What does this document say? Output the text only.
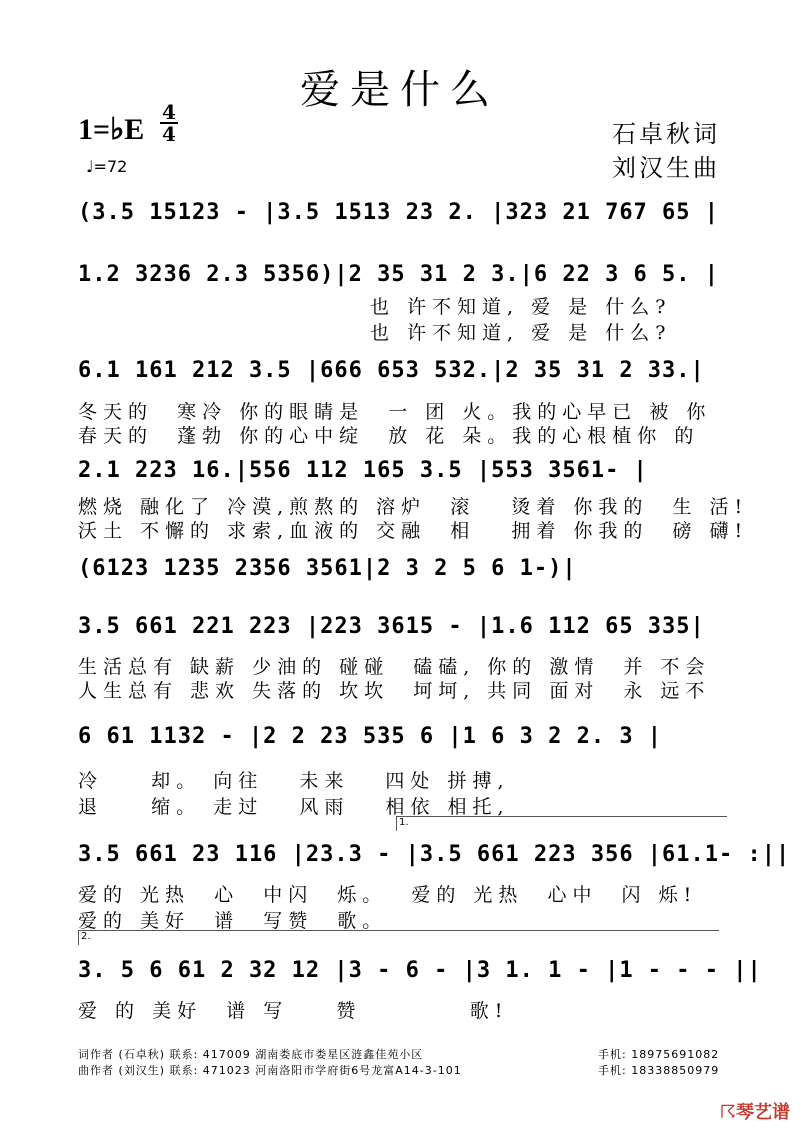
爱是什么
1=♭E $\frac{4}{4}$
♩=72
石卓秋词
刘汉生曲
(3.5 15123 - |3.5 1513 23 2. |323 21 767 65 |
1.2 3236 2.3 5356)|2 35 31 2 3.|6 22 3 6 5. |
也 许不知道, 爱 是 什么?
也 许不知道, 爱 是 什么?
6.1 161 212 3.5 |666 653 532.|2 35 31 2 33.|
冬天的  寒冷 你的眼睛是  一 团 火。我的心早已 被 你
春天的  蓬勃 你的心中绽  放 花 朵。我的心根植你 的
2.1 223 16.|556 112 165 3.5 |553 3561- |
燃烧 融化了 冷漠,煎熬的 溶炉  滚   烫着 你我的  生 活!
沃土 不懈的 求索,血液的 交融  相   拥着 你我的  磅 礴!
(6123 1235 2356 3561|2 3 2 5 6 1-)|
3.5 661 221 223 |223 3615 - |1.6 112 65 335|
生活总有 缺薪 少油的 碰碰  磕磕, 你的 激情  并 不会
人生总有 悲欢 失落的 坎坎  坷坷, 共同 面对  永 远不
6 61 1132 - |2 2 23 535 6 |1 6 3 2 2. 3 |
冷    却。 向往   未来   四处 拼搏,
退    缩。 走过   风雨   相依 相托,
1.
3.5 661 23 116 |23.3 - |3.5 661 223 356 |61.1- :||
爱的 光热  心  中闪  烁。  爱的 光热  心中  闪 烁!
爱的 美好  谱  写赞  歌。
2.
3. 5 6 61 2 32 12 |3 - 6 - |3 1. 1 - |1 - - - ||
爱 的 美好  谱 写    赞         歌!
词作者 (石卓秋) 联系: 417009 湖南娄底市娄星区涟鑫佳苑小区
曲作者 (刘汉生) 联系: 471023 河南洛阳市学府街6号龙富A14-3-101
手机: 18975691082
手机: 18338850979
☈琴艺谱
